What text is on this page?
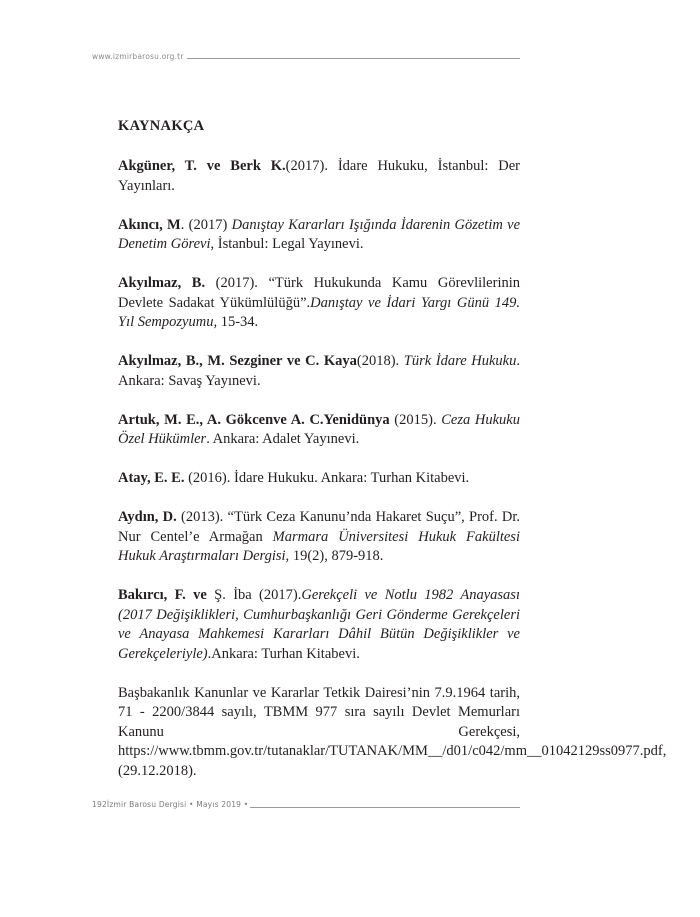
www.izmirbarosu.org.tr
KAYNAKÇA
Akgüner, T. ve Berk K.(2017). İdare Hukuku, İstanbul: Der Yayınları.
Akıncı, M. (2017) Danıştay Kararları Işığında İdarenin Gözetim ve Denetim Görevi, İstanbul: Legal Yayınevi.
Akyılmaz, B. (2017). “Türk Hukukunda Kamu Görevlilerinin Devlete Sadakat Yükümlülüğü”.Danıştay ve İdari Yargı Günü 149. Yıl Sempozyumu, 15-34.
Akyılmaz, B., M. Sezginer ve C. Kaya(2018). Türk İdare Hukuku. Ankara: Savaş Yayınevi.
Artuk, M. E., A. Gökcenve A. C.Yenidünya (2015). Ceza Hukuku Özel Hükümler. Ankara: Adalet Yayınevi.
Atay, E. E. (2016). İdare Hukuku. Ankara: Turhan Kitabevi.
Aydın, D. (2013). “Türk Ceza Kanunu’nda Hakaret Suçu”, Prof. Dr. Nur Centel’e Armağan Marmara Üniversitesi Hukuk Fakültesi Hukuk Araştırmaları Dergisi, 19(2), 879-918.
Bakırcı, F. ve Ş. İba (2017).Gerekçeli ve Notlu 1982 Anayasası (2017 Değişiklikleri, Cumhurbaşkanlığı Geri Gönderme Gerekçeleri ve Anayasa Mahkemesi Kararları Dâhil Bütün Değişiklikler ve Gerekçeleriyle).Ankara: Turhan Kitabevi.
Başbakanlık Kanunlar ve Kararlar Tetkik Dairesi’nin 7.9.1964 tarih, 71 - 2200/3844 sayılı, TBMM 977 sıra sayılı Devlet Memurları Kanunu Gerekçesi, https://www.tbmm.gov.tr/tutanaklar/TUTANAK/MM__/d01/c042/mm__01042129ss0977.pdf, (29.12.2018).
192İzmir Barosu Dergisi • Mayıs 2019 •
